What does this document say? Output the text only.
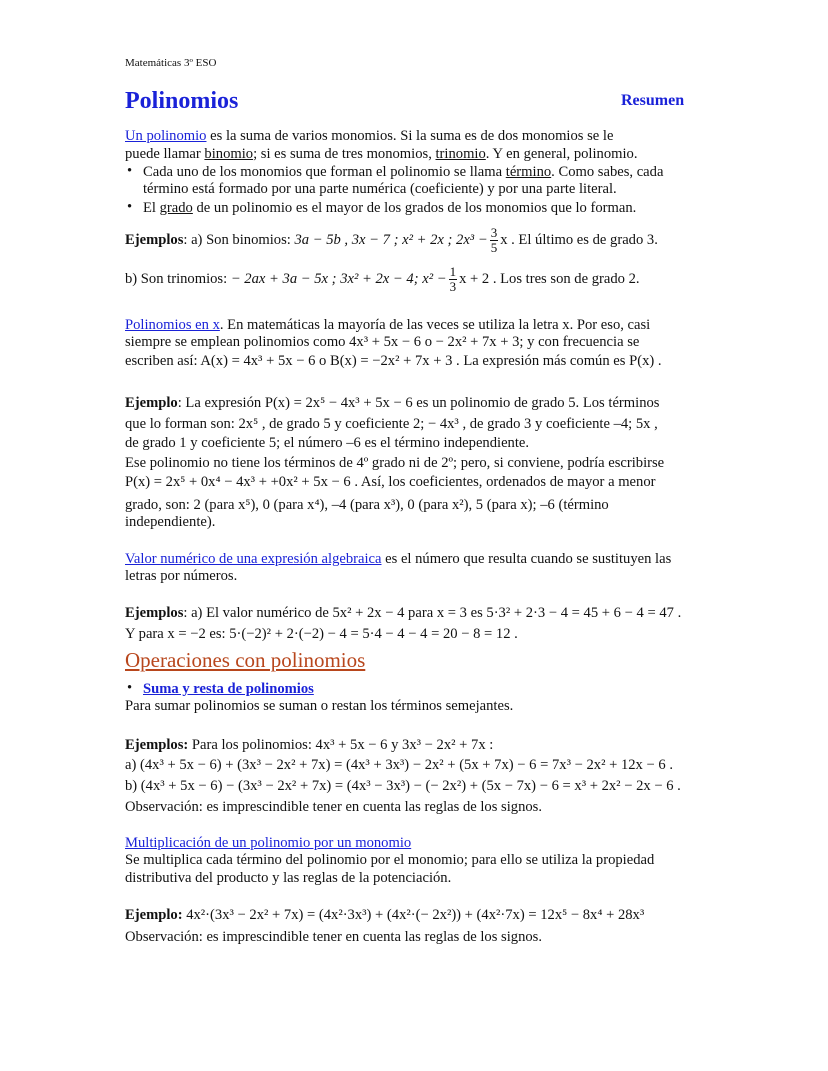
Matemáticas 3º ESO
Polinomios	Resumen
Un polinomio es la suma de varios monomios. Si la suma es de dos monomios se le
puede llamar binomio; si es suma de tres monomios, trinomio. Y en general, polinomio.
• Cada uno de los monomios que forman el polinomio se llama término. Como sabes, cada
término está formado por una parte numérica (coeficiente) y por una parte literal.
• El grado de un polinomio es el mayor de los grados de los monomios que lo forman.
Ejemplos: a) Son binomios: 3a − 5b , 3x − 7 ; x² + 2x ; $2x^3 - \frac{3}{5}$ x . El último es de grado 3.
b) Son trinomios: − 2ax + 3a − 5x ; 3x² + 2x − 4; $x^2 - \frac{1}{3}$ x + 2 . Los tres son de grado 2.
Polinomios en x. En matemáticas la mayoría de las veces se utiliza la letra x. Por eso, casi
siempre se emplean polinomios como 4x³ + 5x − 6 o − 2x² + 7x + 3; y con frecuencia se
escriben así: A(x) = 4x³ + 5x − 6 o B(x) = −2x² + 7x + 3 . La expresión más común es P(x) .
Ejemplo: La expresión P(x) = 2x⁵ − 4x³ + 5x − 6 es un polinomio de grado 5. Los términos
que lo forman son: 2x⁵ , de grado 5 y coeficiente 2; − 4x³ , de grado 3 y coeficiente –4; 5x ,
de grado 1 y coeficiente 5; el número –6 es el término independiente.
Ese polinomio no tiene los términos de 4º grado ni de 2º; pero, si conviene, podría escribirse
P(x) = 2x⁵ + 0x⁴ − 4x³ + +0x² + 5x − 6 . Así, los coeficientes, ordenados de mayor a menor
grado, son: 2 (para x⁵), 0 (para x⁴), –4 (para x³), 0 (para x²), 5 (para x); –6 (término
independiente).
Valor numérico de una expresión algebraica es el número que resulta cuando se sustituyen las
letras por números.
Ejemplos: a) El valor numérico de 5x² + 2x − 4 para x = 3 es 5·3² + 2·3 − 4 = 45 + 6 − 4 = 47 .
Y para x = −2 es: 5·(−2)² + 2·(−2) − 4 = 5·4 − 4 − 4 = 20 − 8 = 12 .
Operaciones con polinomios
• Suma y resta de polinomios
Para sumar polinomios se suman o restan los términos semejantes.
Ejemplos: Para los polinomios: 4x³ + 5x − 6 y 3x³ − 2x² + 7x :
a) (4x³ + 5x − 6) + (3x³ − 2x² + 7x) = (4x³ + 3x³) − 2x² + (5x + 7x) − 6 = 7x³ − 2x² + 12x − 6 .
b) (4x³ + 5x − 6) − (3x³ − 2x² + 7x) = (4x³ − 3x³) − (− 2x²) + (5x − 7x) − 6 = x³ + 2x² − 2x − 6 .
Observación: es imprescindible tener en cuenta las reglas de los signos.
Multiplicación de un polinomio por un monomio
Se multiplica cada término del polinomio por el monomio; para ello se utiliza la propiedad
distributiva del producto y las reglas de la potenciación.
Ejemplo: 4x²·(3x³ − 2x² + 7x) = (4x²·3x³) + (4x²·(− 2x²)) + (4x²·7x) = 12x⁵ − 8x⁴ + 28x³
Observación: es imprescindible tener en cuenta las reglas de los signos.
